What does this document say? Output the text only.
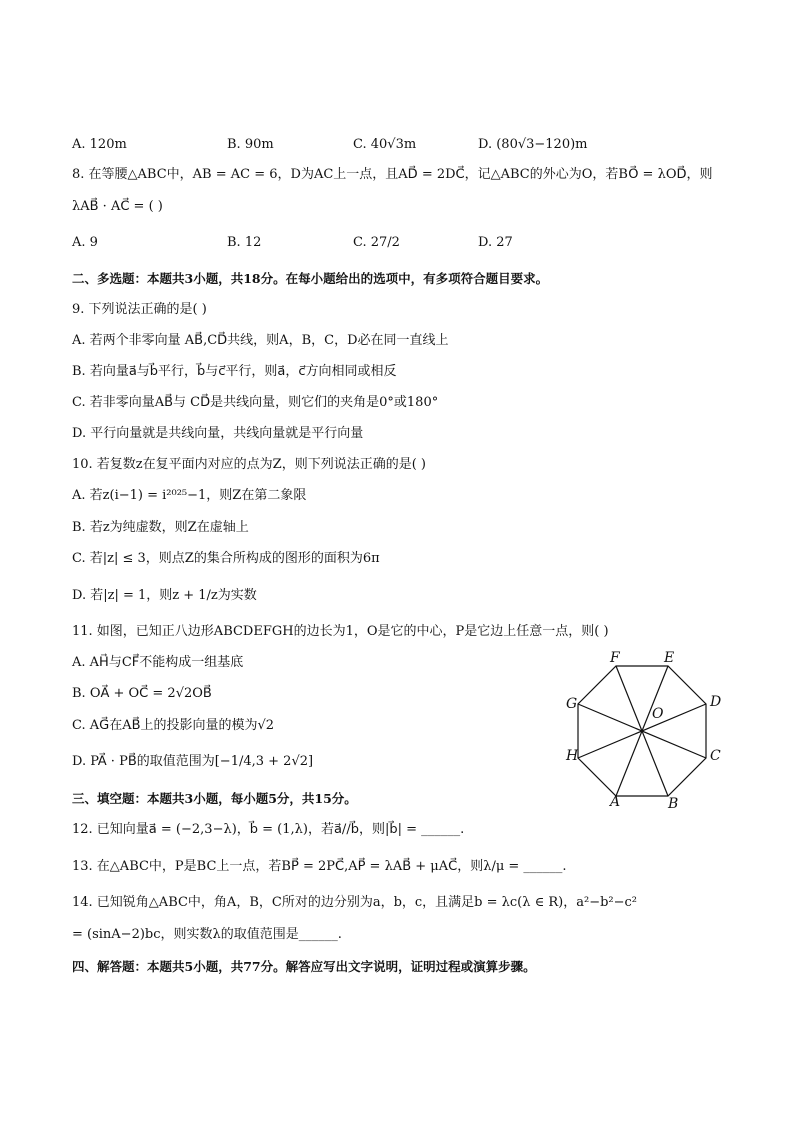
A. 120m	B. 90m	C. 40√3m	D. (80√3−120)m
8. 在等腰△ABC中，AB = AC = 6，D为AC上一点，且AD⃗ = 2DC⃗，记△ABC的外心为O，若BO⃗ = λOD⃗，则
λAB⃗ · AC⃗ = ( )
A. 9	B. 12	C. 27/2	D. 27
二、多选题：本题共3小题，共18分。在每小题给出的选项中，有多项符合题目要求。
9. 下列说法正确的是( )
A. 若两个非零向量 AB⃗,CD⃗共线，则A，B，C，D必在同一直线上
B. 若向量a⃗与b⃗平行，b⃗与c⃗平行，则a⃗，c⃗方向相同或相反
C. 若非零向量AB⃗与 CD⃗是共线向量，则它们的夹角是0°或180°
D. 平行向量就是共线向量，共线向量就是平行向量
10. 若复数z在复平面内对应的点为Z，则下列说法正确的是( )
A. 若z(i−1) = i²⁰²⁵−1，则Z在第二象限
B. 若z为纯虚数，则Z在虚轴上
C. 若|z| ≤ 3，则点Z的集合所构成的图形的面积为6π
D. 若|z| = 1，则z + 1/z为实数
11. 如图，已知正八边形ABCDEFGH的边长为1，O是它的中心，P是它边上任意一点，则( )
A. AH⃗与CF⃗不能构成一组基底
B. OA⃗ + OC⃗ = 2√2OB⃗
C. AG⃗在AB⃗上的投影向量的模为√2
D. PA⃗ · PB⃗的取值范围为[−1/4,3 + 2√2]
F	E
D
C
B
A
H
G
O
三、填空题：本题共3小题，每小题5分，共15分。
12. 已知向量a⃗ = (−2,3−λ)，b⃗ = (1,λ)，若a⃗//b⃗，则|b⃗| = ______.
13. 在△ABC中，P是BC上一点，若BP⃗ = 2PC⃗,AP⃗ = λAB⃗ + μAC⃗，则λ/μ = ______.
14. 已知锐角△ABC中，角A，B，C所对的边分别为a，b，c，且满足b = λc(λ ∈ R)，a²−b²−c²
= (sinA−2)bc，则实数λ的取值范围是______.
四、解答题：本题共5小题，共77分。解答应写出文字说明，证明过程或演算步骤。
